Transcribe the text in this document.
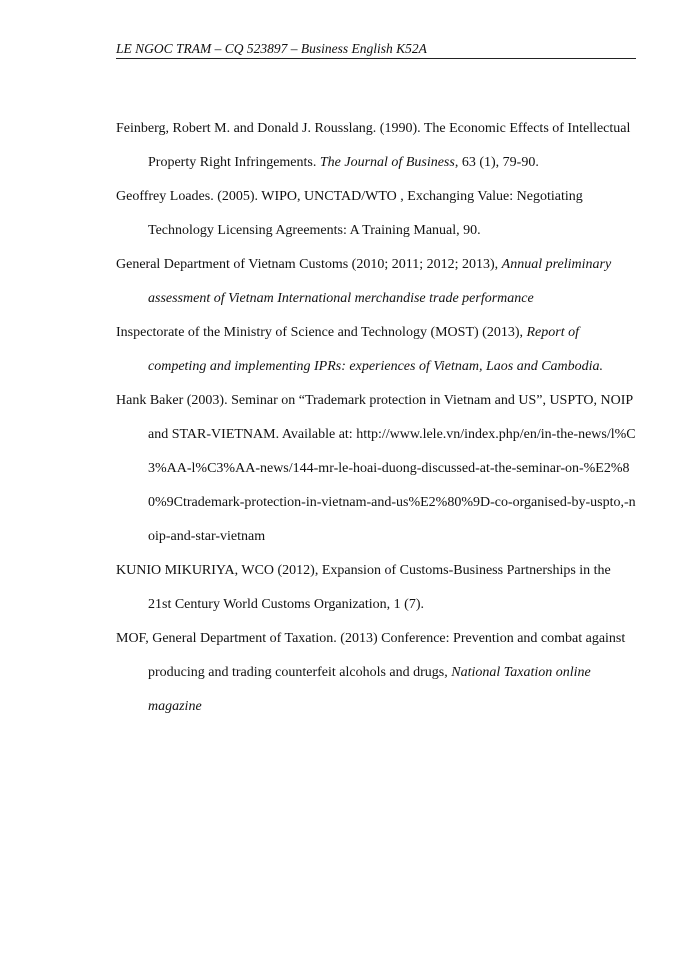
LE NGOC TRAM – CQ 523897 – Business English K52A

Feinberg, Robert M. and Donald J. Rousslang. (1990). The Economic Effects of Intellectual Property Right Infringements. The Journal of Business, 63 (1), 79-90.

Geoffrey Loades. (2005). WIPO, UNCTAD/WTO , Exchanging Value: Negotiating Technology Licensing Agreements: A Training Manual, 90.

General Department of Vietnam Customs (2010; 2011; 2012; 2013), Annual preliminary assessment of Vietnam International merchandise trade performance

Inspectorate of the Ministry of Science and Technology (MOST) (2013), Report of competing and implementing IPRs: experiences of Vietnam, Laos and Cambodia.

Hank Baker (2003). Seminar on “Trademark protection in Vietnam and US”, USPTO, NOIP and STAR-VIETNAM. Available at: http://www.lele.vn/index.php/en/in-the-news/l%C3%AA-l%C3%AA-news/144-mr-le-hoai-duong-discussed-at-the-seminar-on-%E2%80%9Ctrademark-protection-in-vietnam-and-us%E2%80%9D-co-organised-by-uspto,-noip-and-star-vietnam

KUNIO MIKURIYA, WCO (2012), Expansion of Customs-Business Partnerships in the 21st Century World Customs Organization, 1 (7).

MOF, General Department of Taxation. (2013) Conference: Prevention and combat against producing and trading counterfeit alcohols and drugs, National Taxation online magazine
